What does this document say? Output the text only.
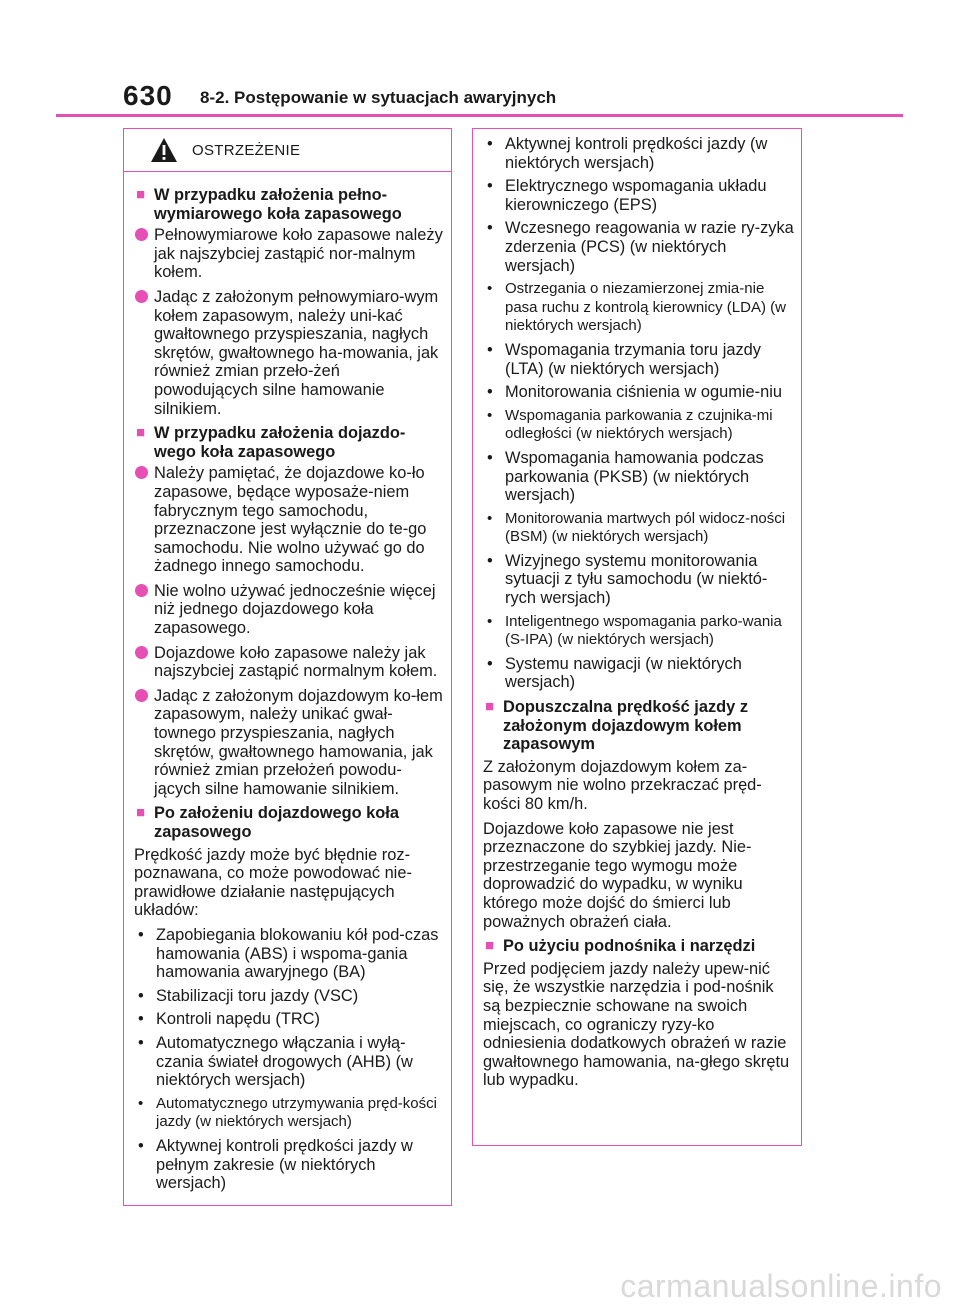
630 8-2. Postępowanie w sytuacjach awaryjnych
OSTRZEŻENIE
■ W przypadku założenia pełno-wymiarowego koła zapasowego
Pełnowymiarowe koło zapasowe należy jak najszybciej zastąpić nor-malnym kołem.
Jadąc z założonym pełnowymiaro-wym kołem zapasowym, należy uni-kać gwałtownego przyspieszania, nagłych skrętów, gwałtownego ha-mowania, jak również zmian przeło-żeń powodujących silne hamowanie silnikiem.
■ W przypadku założenia dojazdo-wego koła zapasowego
Należy pamiętać, że dojazdowe ko-ło zapasowe, będące wyposaże-niem fabrycznym tego samochodu, przeznaczone jest wyłącznie do te-go samochodu. Nie wolno używać go do żadnego innego samochodu.
Nie wolno używać jednocześnie więcej niż jednego dojazdowego koła zapasowego.
Dojazdowe koło zapasowe należy jak najszybciej zastąpić normalnym kołem.
Jadąc z założonym dojazdowym ko-łem zapasowym, należy unikać gwał-townego przyspieszania, nagłych skrętów, gwałtownego hamowania, jak również zmian przełożeń powodu-jących silne hamowanie silnikiem.
■ Po założeniu dojazdowego koła zapasowego
Prędkość jazdy może być błędnie roz-poznawana, co może powodować nie-prawidłowe działanie następujących układów:
• Zapobiegania blokowaniu kół pod-czas hamowania (ABS) i wspoma-gania hamowania awaryjnego (BA)
• Stabilizacji toru jazdy (VSC)
• Kontroli napędu (TRC)
• Automatycznego włączania i wyłą-czania świateł drogowych (AHB) (w niektórych wersjach)
• Automatycznego utrzymywania pręd-kości jazdy (w niektórych wersjach)
• Aktywnej kontroli prędkości jazdy w pełnym zakresie (w niektórych wersjach)
• Aktywnej kontroli prędkości jazdy (w niektórych wersjach)
• Elektrycznego wspomagania układu kierowniczego (EPS)
• Wczesnego reagowania w razie ry-zyka zderzenia (PCS) (w niektórych wersjach)
• Ostrzegania o niezamierzonej zmia-nie pasa ruchu z kontrolą kierownicy (LDA) (w niektórych wersjach)
• Wspomagania trzymania toru jazdy (LTA) (w niektórych wersjach)
• Monitorowania ciśnienia w ogumie-niu
• Wspomagania parkowania z czujnika-mi odległości (w niektórych wersjach)
• Wspomagania hamowania podczas parkowania (PKSB) (w niektórych wersjach)
• Monitorowania martwych pól widocz-ności (BSM) (w niektórych wersjach)
• Wizyjnego systemu monitorowania sytuacji z tyłu samochodu (w niektó-rych wersjach)
• Inteligentnego wspomagania parko-wania (S-IPA) (w niektórych wersjach)
• Systemu nawigacji (w niektórych wersjach)
■ Dopuszczalna prędkość jazdy z założonym dojazdowym kołem zapasowym
Z założonym dojazdowym kołem za-pasowym nie wolno przekraczać pręd-kości 80 km/h.
Dojazdowe koło zapasowe nie jest przeznaczone do szybkiej jazdy. Nie-przestrzeganie tego wymogu może doprowadzić do wypadku, w wyniku którego może dojść do śmierci lub poważnych obrażeń ciała.
■ Po użyciu podnośnika i narzędzi
Przed podjęciem jazdy należy upew-nić się, że wszystkie narzędzia i pod-nośnik są bezpiecznie schowane na swoich miejscach, co ograniczy ryzy-ko odniesienia dodatkowych obrażeń w razie gwałtownego hamowania, na-głego skrętu lub wypadku.
carmanualsonline.info
